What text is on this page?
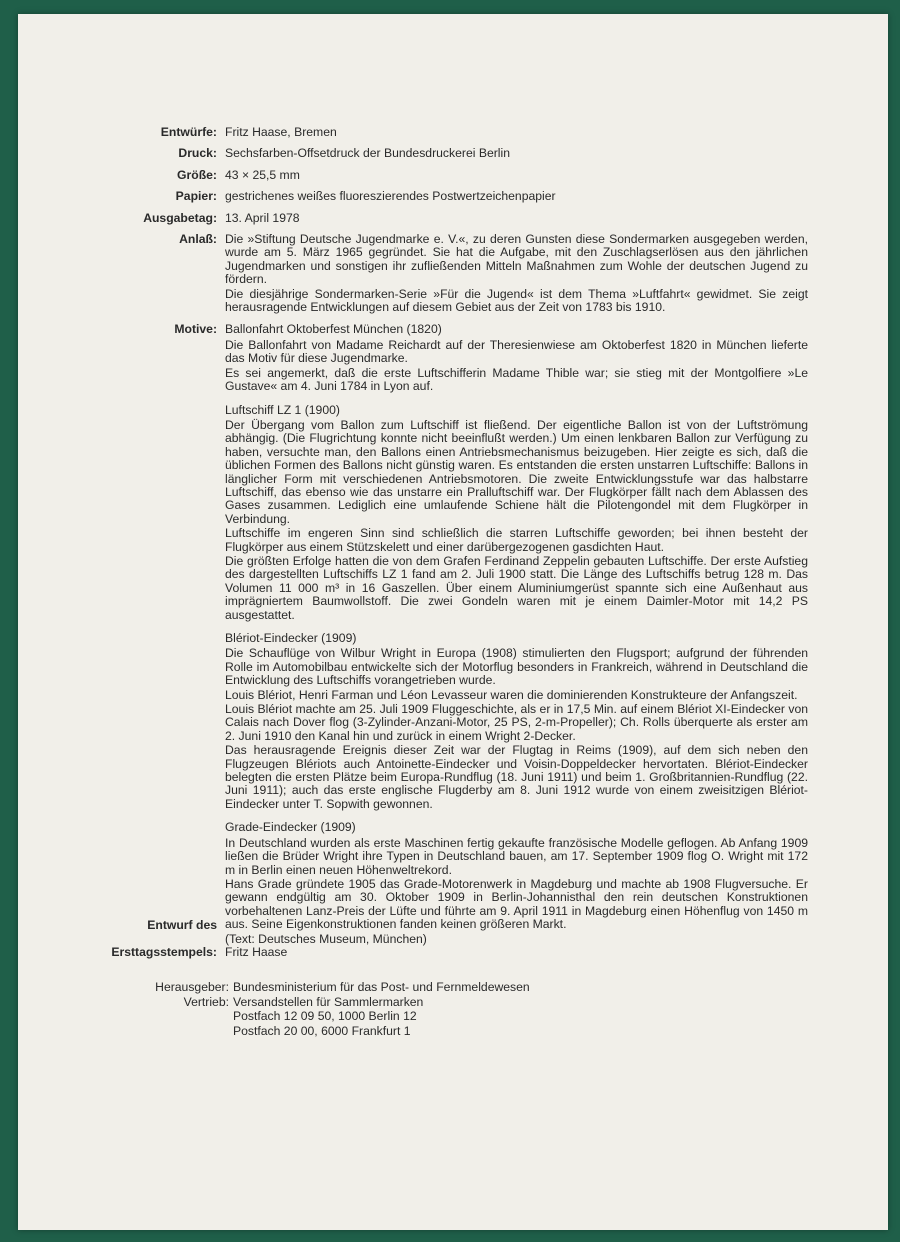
Entwürfe: Fritz Haase, Bremen
Druck: Sechsfarben-Offsetdruck der Bundesdruckerei Berlin
Größe: 43 × 25,5 mm
Papier: gestrichenes weißes fluoreszierendes Postwertzeichenpapier
Ausgabetag: 13. April 1978
Anlaß: Die »Stiftung Deutsche Jugendmarke e. V.«, zu deren Gunsten diese Sondermarken ausgegeben werden, wurde am 5. März 1965 gegründet. Sie hat die Aufgabe, mit den Zuschlagserlösen aus den jährlichen Jugendmarken und sonstigen ihr zufließenden Mitteln Maßnahmen zum Wohle der deutschen Jugend zu fördern.

Die diesjährige Sondermarken-Serie »Für die Jugend« ist dem Thema »Luftfahrt« gewidmet. Sie zeigt herausragende Entwicklungen auf diesem Gebiet aus der Zeit von 1783 bis 1910.

Motive: Ballonfahrt Oktoberfest München (1820)

Die Ballonfahrt von Madame Reichardt auf der Theresienwiese am Oktoberfest 1820 in München lieferte das Motiv für diese Jugendmarke.

Es sei angemerkt, daß die erste Luftschifferin Madame Thible war; sie stieg mit der Montgolfiere »Le Gustave« am 4. Juni 1784 in Lyon auf.

Luftschiff LZ 1 (1900)

Der Übergang vom Ballon zum Luftschiff ist fließend. Der eigentliche Ballon ist von der Luftströmung abhängig. (Die Flugrichtung konnte nicht beeinflußt werden.) Um einen lenkbaren Ballon zur Verfügung zu haben, versuchte man, den Ballons einen Antriebsmechanismus beizugeben. Hier zeigte es sich, daß die üblichen Formen des Ballons nicht günstig waren. Es entstanden die ersten unstarren Luftschiffe: Ballons in länglicher Form mit verschiedenen Antriebsmotoren. Die zweite Entwicklungsstufe war das halbstarre Luftschiff, das ebenso wie das unstarre ein Pralluftschiff war. Der Flugkörper fällt nach dem Ablassen des Gases zusammen. Lediglich eine umlaufende Schiene hält die Pilotengondel mit dem Flugkörper in Verbindung.

Luftschiffe im engeren Sinn sind schließlich die starren Luftschiffe geworden; bei ihnen besteht der Flugkörper aus einem Stützskelett und einer darübergezogenen gasdichten Haut.

Die größten Erfolge hatten die von dem Grafen Ferdinand Zeppelin gebauten Luftschiffe. Der erste Aufstieg des dargestellten Luftschiffs LZ 1 fand am 2. Juli 1900 statt. Die Länge des Luftschiffs betrug 128 m. Das Volumen 11 000 m³ in 16 Gaszellen. Über einem Aluminiumgerüst spannte sich eine Außenhaut aus imprägniertem Baumwollstoff. Die zwei Gondeln waren mit je einem Daimler-Motor mit 14,2 PS ausgestattet.

Blériot-Eindecker (1909)

Die Schauflüge von Wilbur Wright in Europa (1908) stimulierten den Flugsport; aufgrund der führenden Rolle im Automobilbau entwickelte sich der Motorflug besonders in Frankreich, während in Deutschland die Entwicklung des Luftschiffs vorangetrieben wurde.

Louis Blériot, Henri Farman und Léon Levasseur waren die dominierenden Konstrukteure der Anfangszeit.

Louis Blériot machte am 25. Juli 1909 Fluggeschichte, als er in 17,5 Min. auf einem Blériot XI-Eindecker von Calais nach Dover flog (3-Zylinder-Anzani-Motor, 25 PS, 2-m-Propeller); Ch. Rolls überquerte als erster am 2. Juni 1910 den Kanal hin und zurück in einem Wright 2-Decker.

Das herausragende Ereignis dieser Zeit war der Flugtag in Reims (1909), auf dem sich neben den Flugzeugen Blériots auch Antoinette-Eindecker und Voisin-Doppeldecker hervortaten. Blériot-Eindecker belegten die ersten Plätze beim Europa-Rundflug (18. Juni 1911) und beim 1. Großbritannien-Rundflug (22. Juni 1911); auch das erste englische Flugderby am 8. Juni 1912 wurde von einem zweisitzigen Blériot-Eindecker unter T. Sopwith gewonnen.

Grade-Eindecker (1909)

In Deutschland wurden als erste Maschinen fertig gekaufte französische Modelle geflogen. Ab Anfang 1909 ließen die Brüder Wright ihre Typen in Deutschland bauen, am 17. September 1909 flog O. Wright mit 172 m in Berlin einen neuen Höhenweltrekord.

Hans Grade gründete 1905 das Grade-Motorenwerk in Magdeburg und machte ab 1908 Flugversuche. Er gewann endgültig am 30. Oktober 1909 in Berlin-Johannisthal den rein deutschen Konstruktionen vorbehaltenen Lanz-Preis der Lüfte und führte am 9. April 1911 in Magdeburg einen Höhenflug von 1450 m aus. Seine Eigenkonstruktionen fanden keinen größeren Markt.

Ersttagsstempels:
(Text: Deutsches Museum, München)
Fritz Haase
Entwurf des
Herausgeber: Bundesministerium für das Post- und Fernmeldewesen
Vertrieb: Versandstellen für Sammlermarken
Postfach 12 09 50, 1000 Berlin 12
Postfach 20 00, 6000 Frankfurt 1
